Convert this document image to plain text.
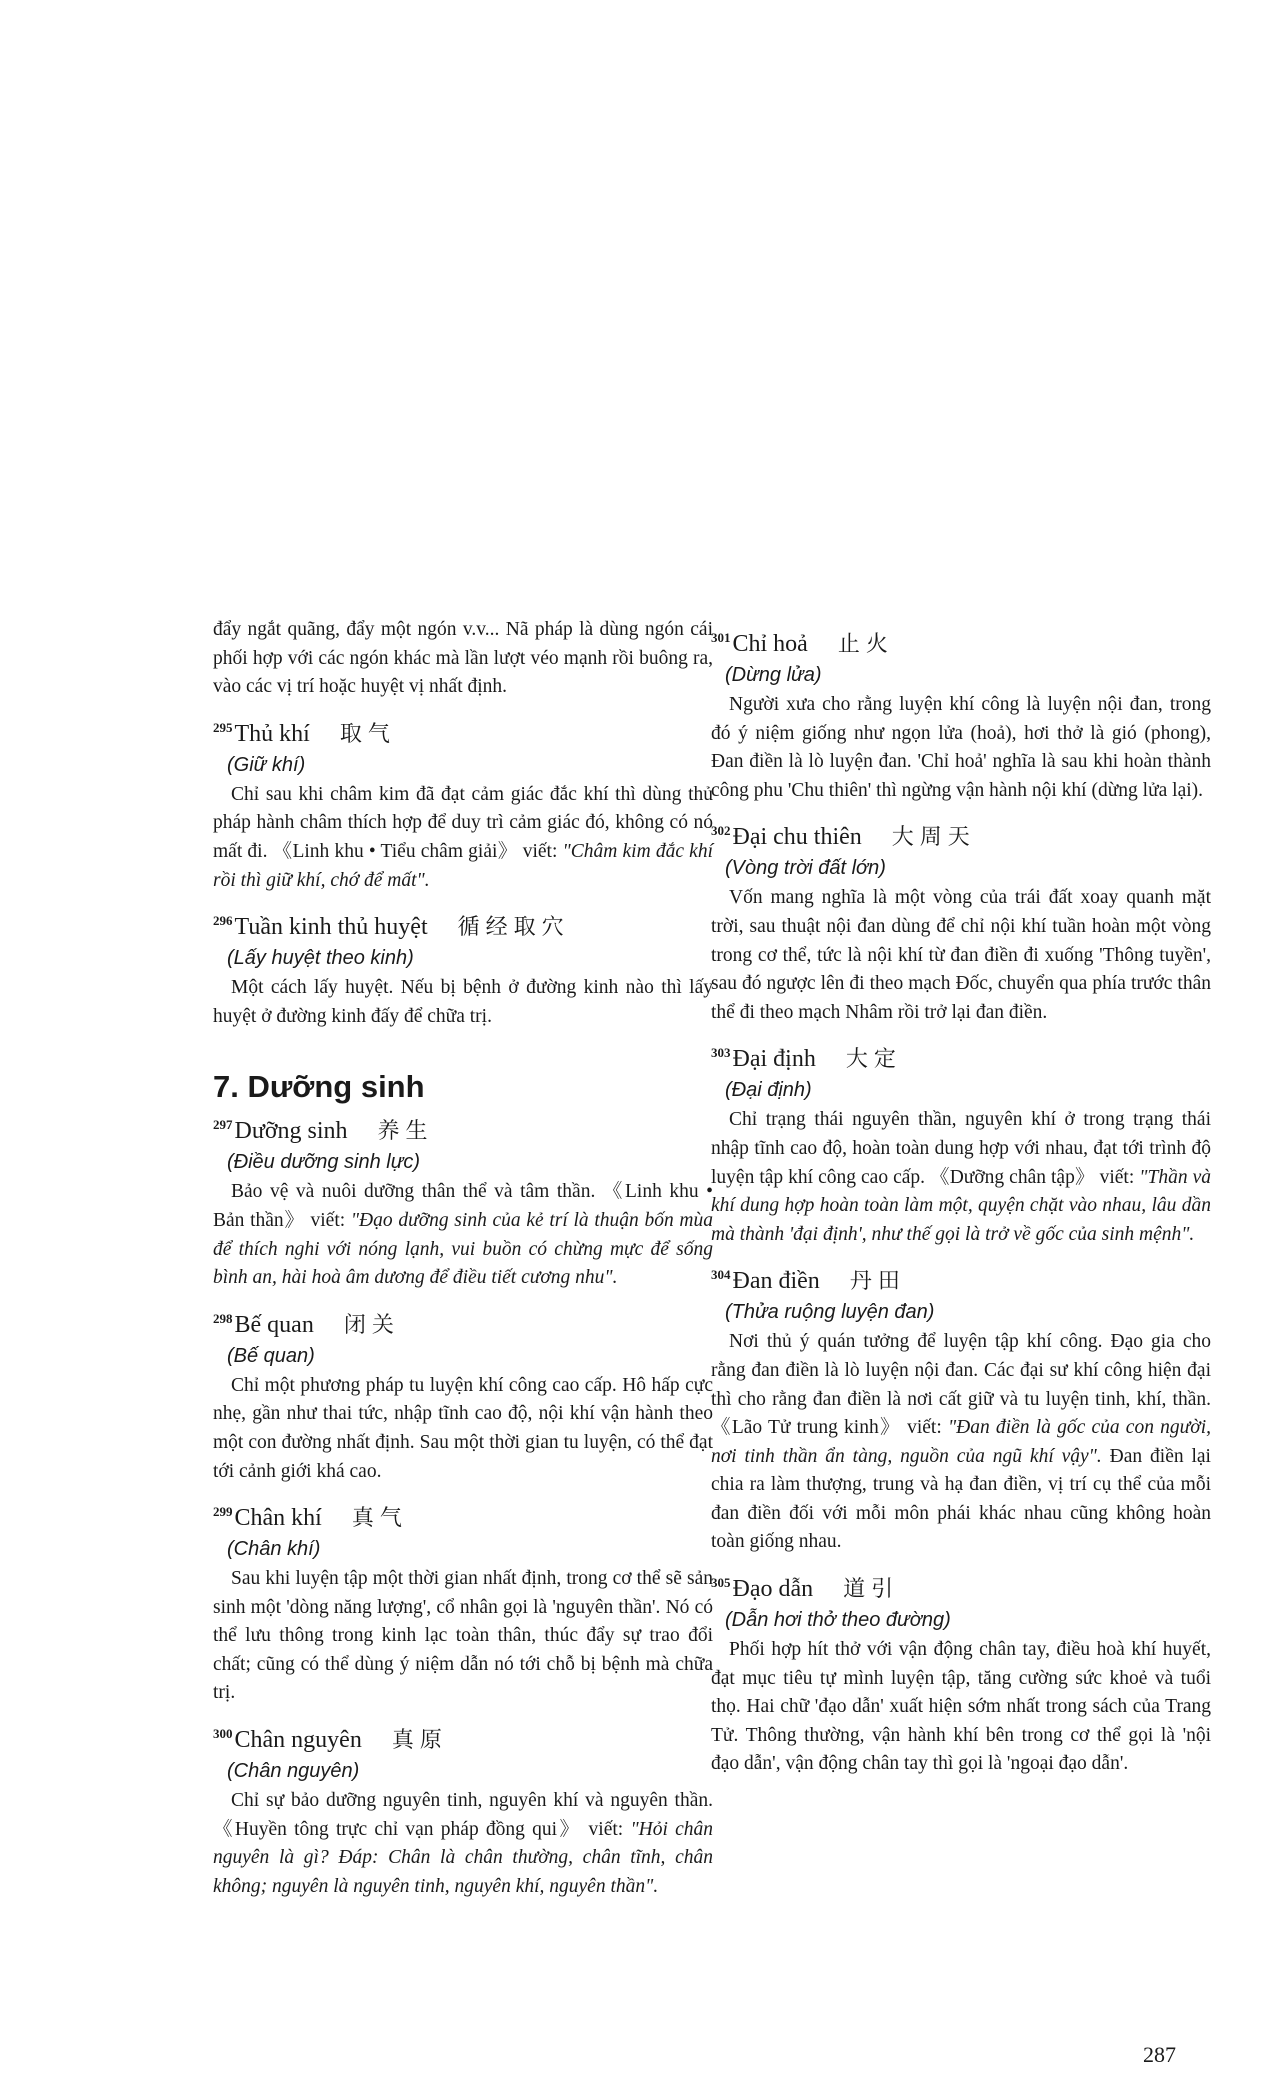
đẩy ngắt quãng, đẩy một ngón v.v... Nã pháp là dùng ngón cái phối hợp với các ngón khác mà lần lượt véo mạnh rồi buông ra, vào các vị trí hoặc huyệt vị nhất định.

$^{295}$Thủ khí 取气

(Giữ khí)

Chỉ sau khi châm kim đã đạt cảm giác đắc khí thì dùng thủ pháp hành châm thích hợp để duy trì cảm giác đó, không có nó mất đi. 《Linh khu • Tiểu châm giải》 viết: "Châm kim đắc khí rồi thì giữ khí, chớ để mất".

$^{296}$Tuần kinh thủ huyệt 循经取穴

(Lấy huyệt theo kinh)

Một cách lấy huyệt. Nếu bị bệnh ở đường kinh nào thì lấy huyệt ở đường kinh đấy để chữa trị.

7. Dưỡng sinh

$^{297}$Dưỡng sinh 养生

(Điều dưỡng sinh lực)

Bảo vệ và nuôi dưỡng thân thể và tâm thần. 《Linh khu • Bản thần》 viết: "Đạo dưỡng sinh của kẻ trí là thuận bốn mùa để thích nghi với nóng lạnh, vui buồn có chừng mực để sống bình an, hài hoà âm dương để điều tiết cương nhu".

$^{298}$Bế quan 闭关

(Bế quan)

Chỉ một phương pháp tu luyện khí công cao cấp. Hô hấp cực nhẹ, gần như thai tức, nhập tĩnh cao độ, nội khí vận hành theo một con đường nhất định. Sau một thời gian tu luyện, có thể đạt tới cảnh giới khá cao.

$^{299}$Chân khí 真气

(Chân khí)

Sau khi luyện tập một thời gian nhất định, trong cơ thể sẽ sản sinh một 'dòng năng lượng', cổ nhân gọi là 'nguyên thần'. Nó có thể lưu thông trong kinh lạc toàn thân, thúc đẩy sự trao đổi chất; cũng có thể dùng ý niệm dẫn nó tới chỗ bị bệnh mà chữa trị.

$^{300}$Chân nguyên 真原

(Chân nguyên)

Chỉ sự bảo dưỡng nguyên tinh, nguyên khí và nguyên thần. 《Huyền tông trực chỉ vạn pháp đồng qui》 viết: "Hỏi chân nguyên là gì? Đáp: Chân là chân thường, chân tĩnh, chân không; nguyên là nguyên tinh, nguyên khí, nguyên thần".

$^{301}$Chỉ hoả 止火

(Dừng lửa)

Người xưa cho rằng luyện khí công là luyện nội đan, trong đó ý niệm giống như ngọn lửa (hoả), hơi thở là gió (phong), Đan điền là lò luyện đan. 'Chỉ hoả' nghĩa là sau khi hoàn thành công phu 'Chu thiên' thì ngừng vận hành nội khí (dừng lửa lại).

$^{302}$Đại chu thiên 大周天

(Vòng trời đất lớn)

Vốn mang nghĩa là một vòng của trái đất xoay quanh mặt trời, sau thuật nội đan dùng để chỉ nội khí tuần hoàn một vòng trong cơ thể, tức là nội khí từ đan điền đi xuống 'Thông tuyền', sau đó ngược lên đi theo mạch Đốc, chuyển qua phía trước thân thể đi theo mạch Nhâm rồi trở lại đan điền.

$^{303}$Đại định 大定

(Đại định)

Chỉ trạng thái nguyên thần, nguyên khí ở trong trạng thái nhập tĩnh cao độ, hoàn toàn dung hợp với nhau, đạt tới trình độ luyện tập khí công cao cấp. 《Dưỡng chân tập》 viết: "Thần và khí dung hợp hoàn toàn làm một, quyện chặt vào nhau, lâu dần mà thành 'đại định', như thế gọi là trở về gốc của sinh mệnh".

$^{304}$Đan điền 丹田

(Thửa ruộng luyện đan)

Nơi thủ ý quán tưởng để luyện tập khí công. Đạo gia cho rằng đan điền là lò luyện nội đan. Các đại sư khí công hiện đại thì cho rằng đan điền là nơi cất giữ và tu luyện tinh, khí, thần. 《Lão Tử trung kinh》 viết: "Đan điền là gốc của con người, nơi tinh thần ẩn tàng, nguồn của ngũ khí vậy". Đan điền lại chia ra làm thượng, trung và hạ đan điền, vị trí cụ thể của mỗi đan điền đối với mỗi môn phái khác nhau cũng không hoàn toàn giống nhau.

$^{305}$Đạo dẫn 道引

(Dẫn hơi thở theo đường)

Phối hợp hít thở với vận động chân tay, điều hoà khí huyết, đạt mục tiêu tự mình luyện tập, tăng cường sức khoẻ và tuổi thọ. Hai chữ 'đạo dẫn' xuất hiện sớm nhất trong sách của Trang Tử. Thông thường, vận hành khí bên trong cơ thể gọi là 'nội đạo dẫn', vận động chân tay thì gọi là 'ngoại đạo dẫn'.

287
